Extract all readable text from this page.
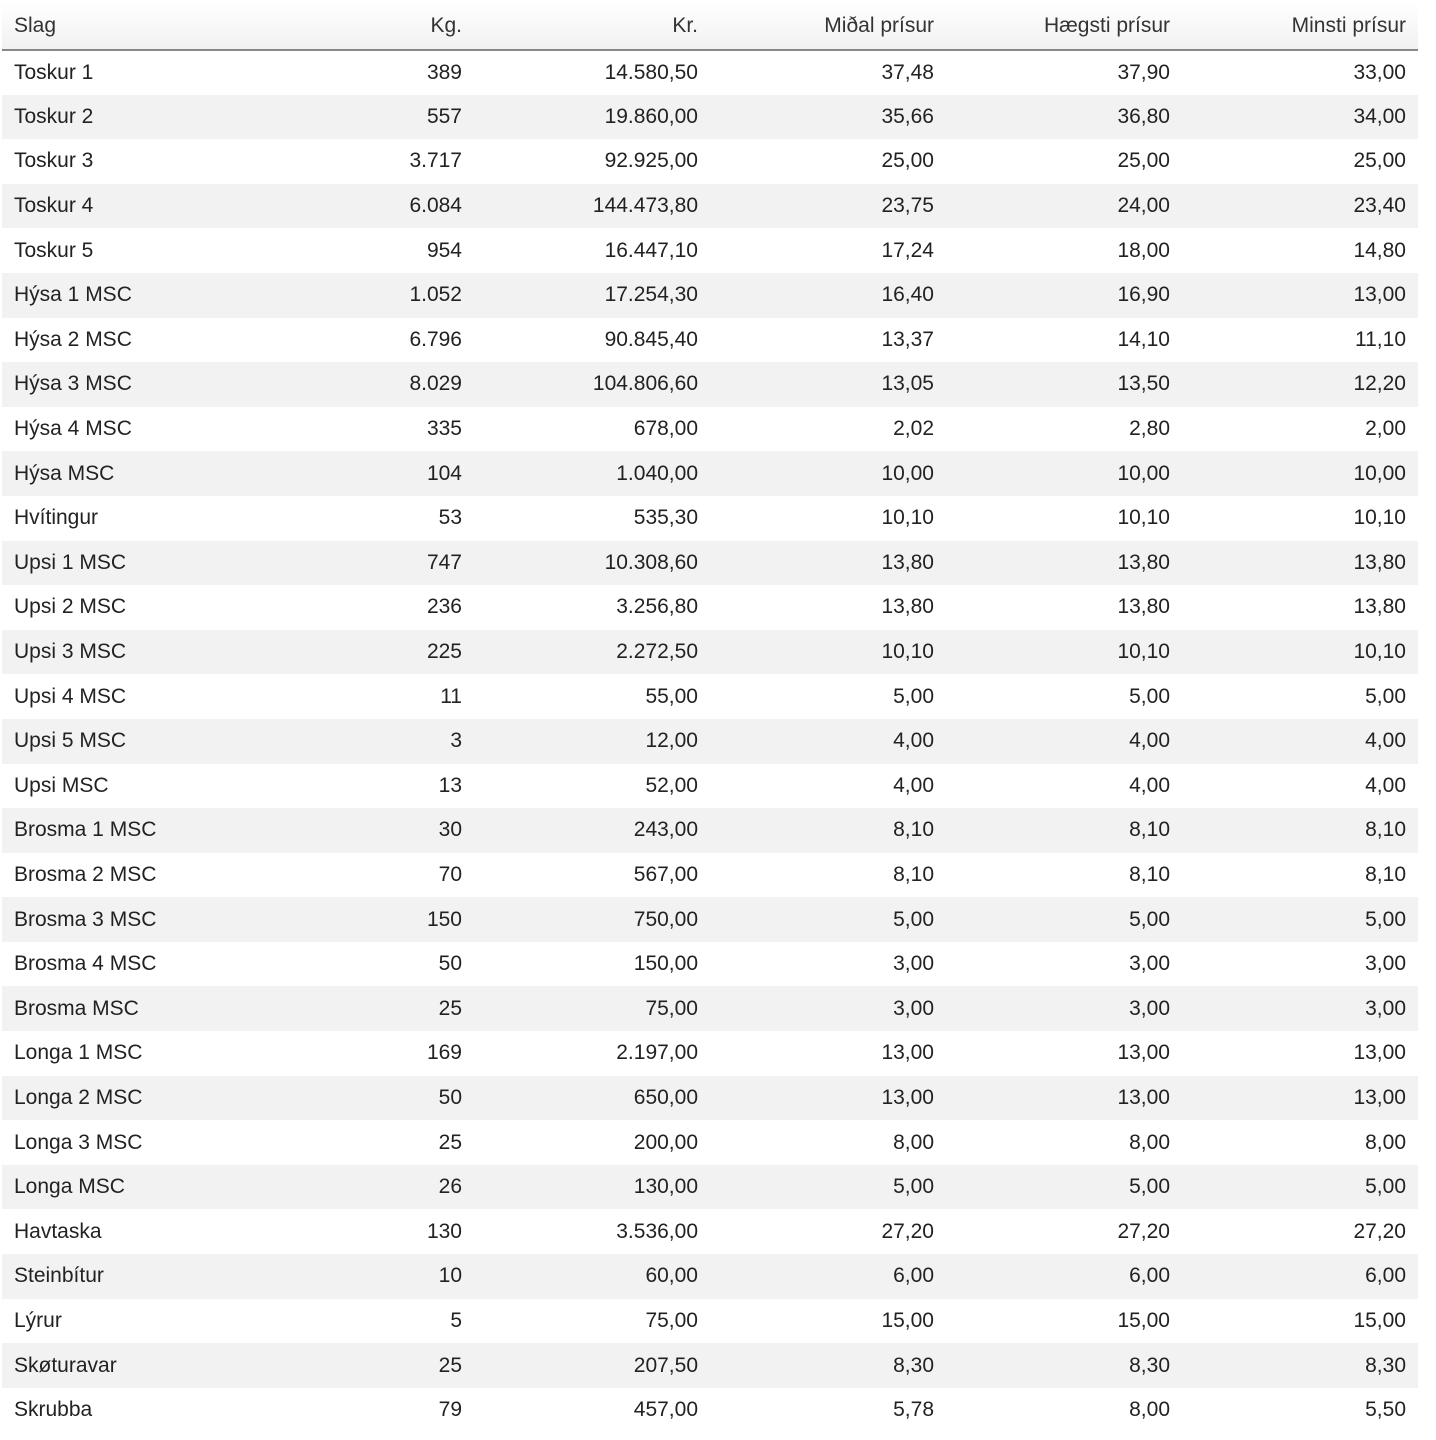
Slag	Kg.	Kr.	Miðal prísur	Hægsti prísur	Minsti prísur
Toskur 1	389	14.580,50	37,48	37,90	33,00
Toskur 2	557	19.860,00	35,66	36,80	34,00
Toskur 3	3.717	92.925,00	25,00	25,00	25,00
Toskur 4	6.084	144.473,80	23,75	24,00	23,40
Toskur 5	954	16.447,10	17,24	18,00	14,80
Hýsa 1 MSC	1.052	17.254,30	16,40	16,90	13,00
Hýsa 2 MSC	6.796	90.845,40	13,37	14,10	11,10
Hýsa 3 MSC	8.029	104.806,60	13,05	13,50	12,20
Hýsa 4 MSC	335	678,00	2,02	2,80	2,00
Hýsa MSC	104	1.040,00	10,00	10,00	10,00
Hvítingur	53	535,30	10,10	10,10	10,10
Upsi 1 MSC	747	10.308,60	13,80	13,80	13,80
Upsi 2 MSC	236	3.256,80	13,80	13,80	13,80
Upsi 3 MSC	225	2.272,50	10,10	10,10	10,10
Upsi 4 MSC	11	55,00	5,00	5,00	5,00
Upsi 5 MSC	3	12,00	4,00	4,00	4,00
Upsi MSC	13	52,00	4,00	4,00	4,00
Brosma 1 MSC	30	243,00	8,10	8,10	8,10
Brosma 2 MSC	70	567,00	8,10	8,10	8,10
Brosma 3 MSC	150	750,00	5,00	5,00	5,00
Brosma 4 MSC	50	150,00	3,00	3,00	3,00
Brosma MSC	25	75,00	3,00	3,00	3,00
Longa 1 MSC	169	2.197,00	13,00	13,00	13,00
Longa 2 MSC	50	650,00	13,00	13,00	13,00
Longa 3 MSC	25	200,00	8,00	8,00	8,00
Longa MSC	26	130,00	5,00	5,00	5,00
Havtaska	130	3.536,00	27,20	27,20	27,20
Steinbítur	10	60,00	6,00	6,00	6,00
Lýrur	5	75,00	15,00	15,00	15,00
Skøturavar	25	207,50	8,30	8,30	8,30
Skrubba	79	457,00	5,78	8,00	5,50
